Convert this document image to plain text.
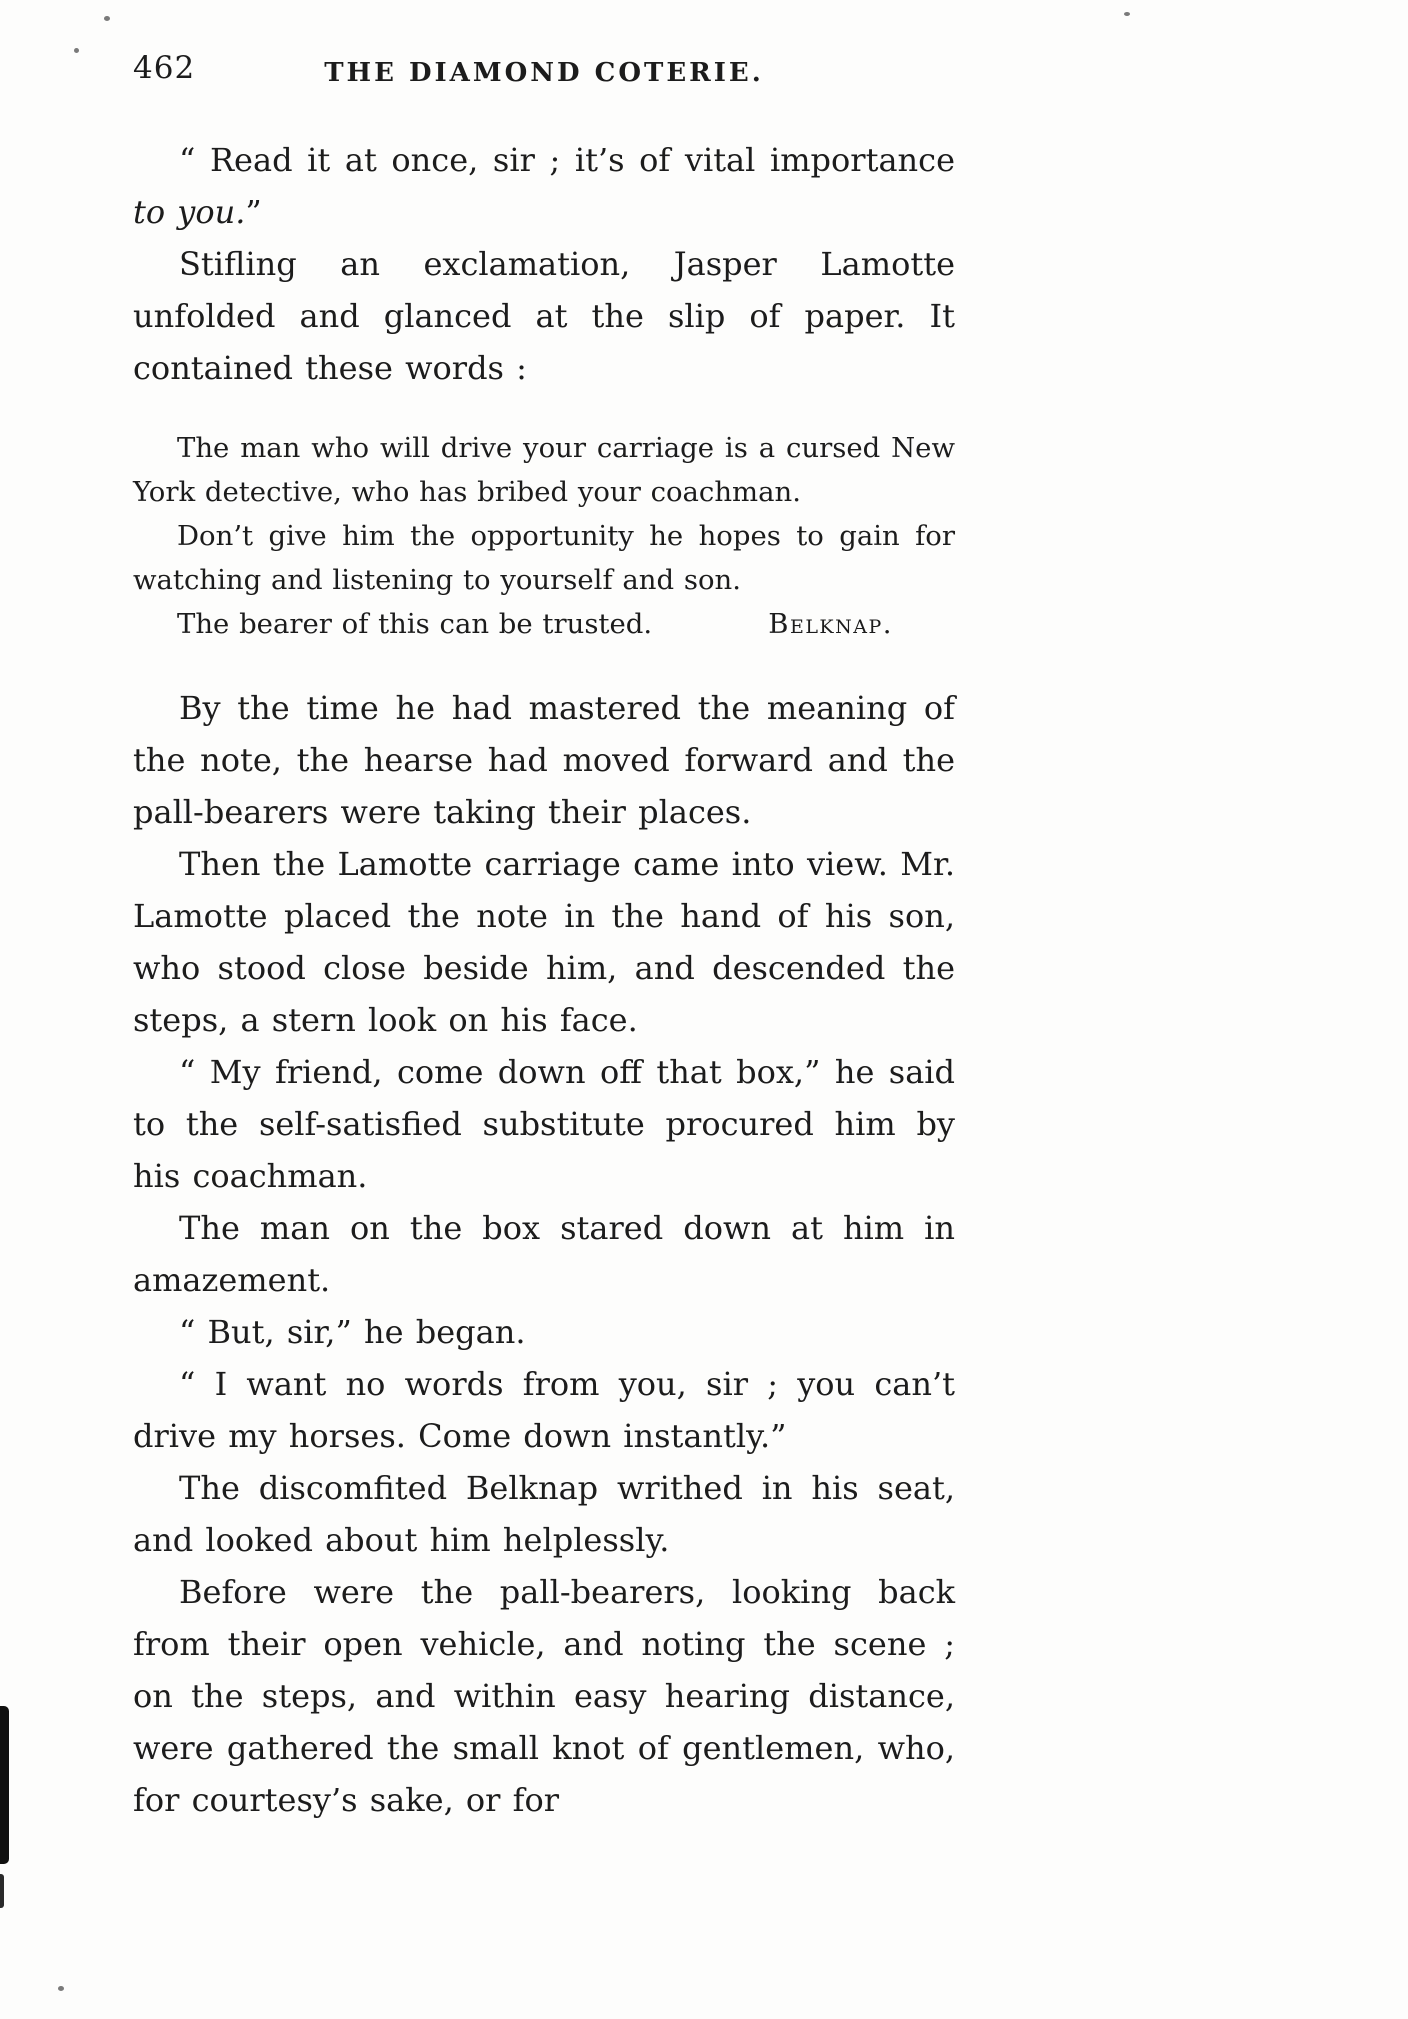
462	THE DIAMOND COTERIE.

“ Read it at once, sir ; it’s of vital importance to you.”

Stifling an exclamation, Jasper Lamotte unfolded and glanced at the slip of paper. It contained these words :

The man who will drive your carriage is a cursed New York detective, who has bribed your coachman.

Don’t give him the opportunity he hopes to gain for watching and listening to yourself and son.

The bearer of this can be trusted.	Belknap.

By the time he had mastered the meaning of the note, the hearse had moved forward and the pall-bearers were taking their places.

Then the Lamotte carriage came into view. Mr. Lamotte placed the note in the hand of his son, who stood close beside him, and descended the steps, a stern look on his face.

“ My friend, come down off that box,” he said to the self-satisfied substitute procured him by his coachman.

The man on the box stared down at him in amazement.

“ But, sir,” he began.

“ I want no words from you, sir ; you can’t drive my horses. Come down instantly.”

The discomfited Belknap writhed in his seat, and looked about him helplessly.

Before were the pall-bearers, looking back from their open vehicle, and noting the scene ; on the steps, and within easy hearing distance, were gathered the small knot of gentlemen, who, for courtesy’s sake, or for
